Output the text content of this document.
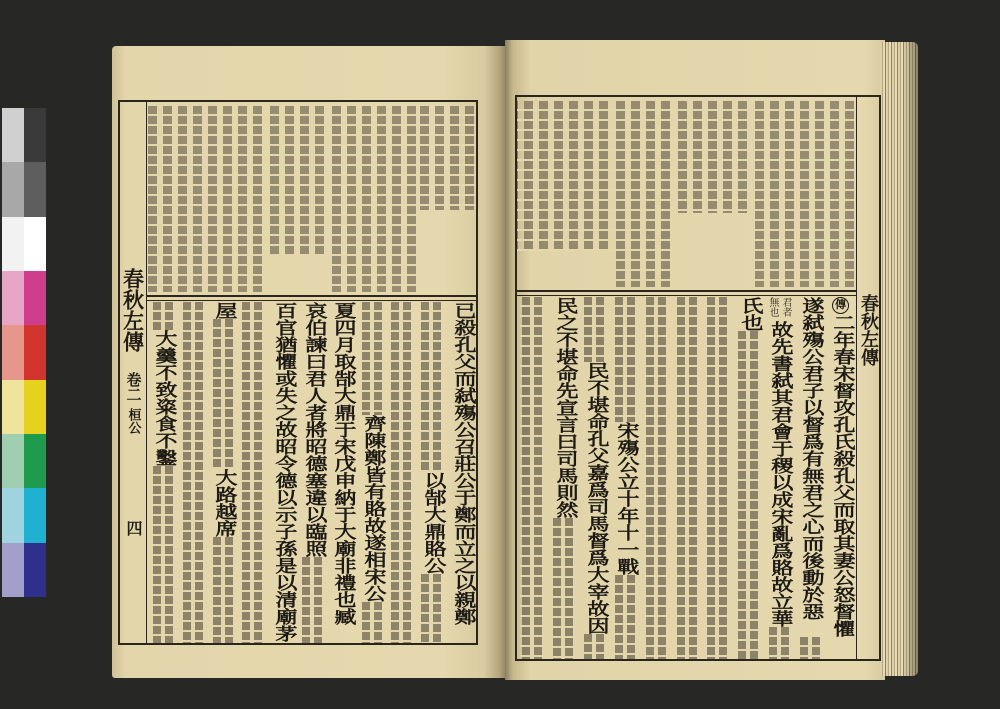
春秋左傳
卷二
桓公
四	已殺孔父而弑殤公召莊公于鄭而立之以親鄭
以郜大鼎賂公
齊陳鄭皆有賂故遂相宋公
夏四月取郜大鼎于宋戊申納于大廟非禮也臧
哀伯諫曰君人者將昭德塞違以臨照
百官猶懼或失之故昭令德以示子孫是以清廟茅
屋
大路越席
大羹不致粢食不鑿	春秋左傳
傳
二年春宋督攻孔氏殺孔父而取其妻公怒督懼
遂弑殤公君子以督爲有無君之心而後動於惡
君者
無也
故先書弑其君會于稷以成宋亂爲賂故立華
氏也
宋殤公立十年十一戰
民不堪命孔父嘉爲司馬督爲大宰故因
民之不堪命先宣言曰司馬則然
